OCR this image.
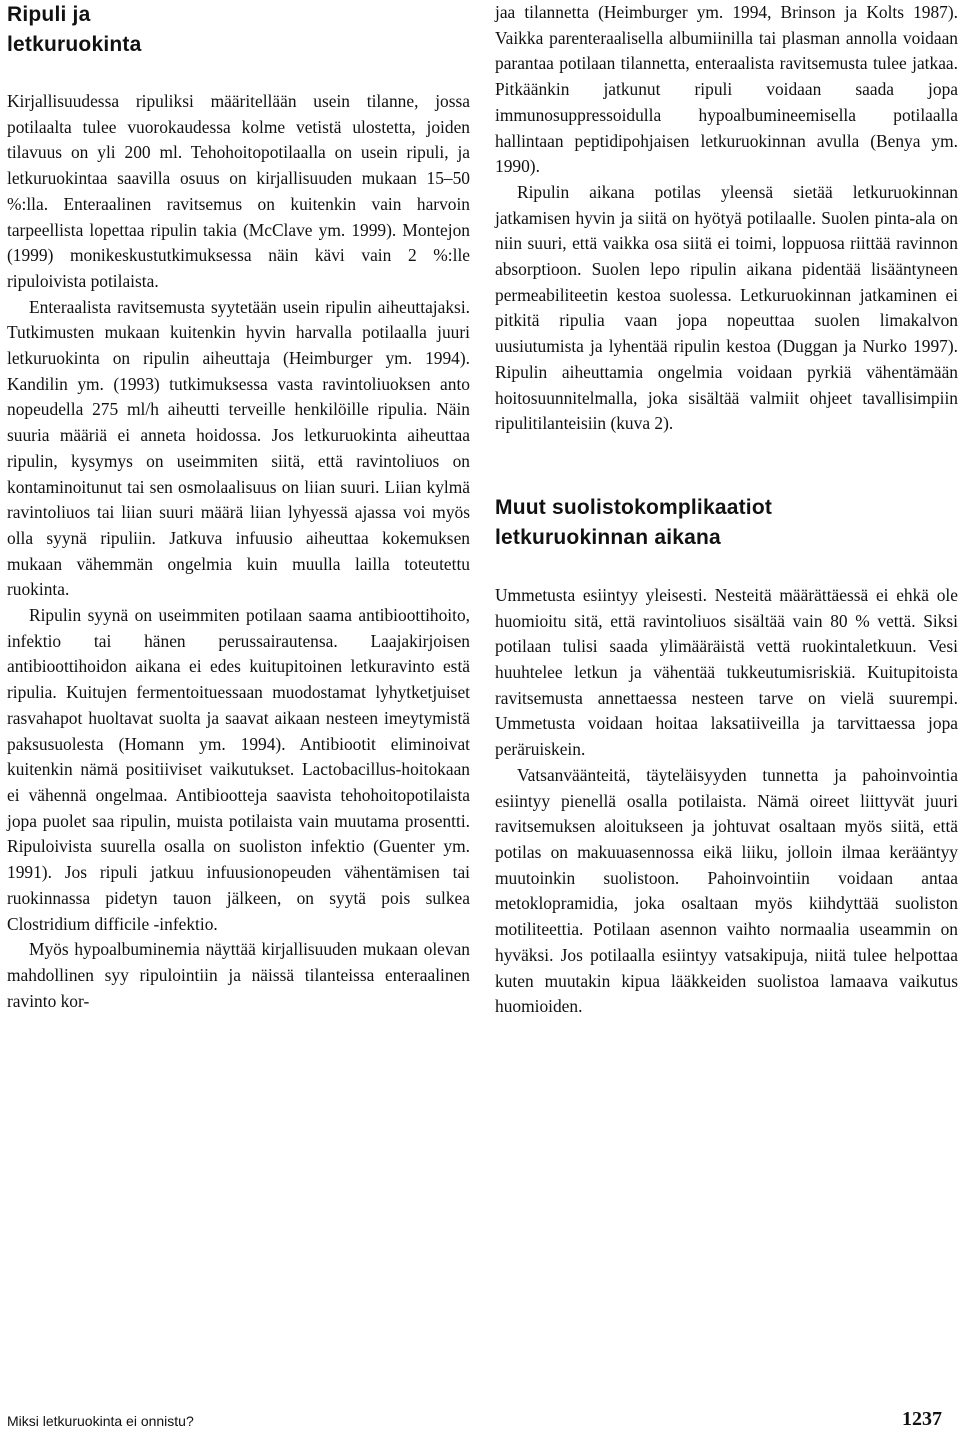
Ripuli ja
letkuruokinta

Kirjallisuudessa ripuliksi määritellään usein tilanne, jossa potilaalta tulee vuorokaudessa kolme vetistä ulostetta, joiden tilavuus on yli 200 ml. Tehohoitopotilaalla on usein ripuli, ja letkuruokintaa saavilla osuus on kirjallisuuden mukaan 15–50 %:lla. Enteraalinen ravitsemus on kuitenkin vain harvoin tarpeellista lopettaa ripulin takia (McClave ym. 1999). Montejon (1999) monikeskustutkimuksessa näin kävi vain 2 %:lle ripuloivista potilaista.

Enteraalista ravitsemusta syytetään usein ripulin aiheuttajaksi. Tutkimusten mukaan kuitenkin hyvin harvalla potilaalla juuri letkuruokinta on ripulin aiheuttaja (Heimburger ym. 1994). Kandilin ym. (1993) tutkimuksessa vasta ravintoliuoksen anto nopeudella 275 ml/h aiheutti terveille henkilöille ripulia. Näin suuria määriä ei anneta hoidossa. Jos letkuruokinta aiheuttaa ripulin, kysymys on useimmiten siitä, että ravintoliuos on kontaminoitunut tai sen osmolaalisuus on liian suuri. Liian kylmä ravintoliuos tai liian suuri määrä liian lyhyessä ajassa voi myös olla syynä ripuliin. Jatkuva infuusio aiheuttaa kokemuksen mukaan vähemmän ongelmia kuin muulla lailla toteutettu ruokinta.

Ripulin syynä on useimmiten potilaan saama antibioottihoito, infektio tai hänen perussairautensa. Laajakirjoisen antibioottihoidon aikana ei edes kuitupitoinen letkuravinto estä ripulia. Kuitujen fermentoituessaan muodostamat lyhytketjuiset rasvahapot huoltavat suolta ja saavat aikaan nesteen imeytymistä paksusuolesta (Homann ym. 1994). Antibiootit eliminoivat kuitenkin nämä positiiviset vaikutukset. Lactobacillus-hoitokaan ei vähennä ongelmaa. Antibiootteja saavista tehohoitopotilaista jopa puolet saa ripulin, muista potilaista vain muutama prosentti. Ripuloivista suurella osalla on suoliston infektio (Guenter ym. 1991). Jos ripuli jatkuu infuusionopeuden vähentämisen tai ruokinnassa pidetyn tauon jälkeen, on syytä pois sulkea Clostridium difficile -infektio.

Myös hypoalbuminemia näyttää kirjallisuuden mukaan olevan mahdollinen syy ripulointiin ja näissä tilanteissa enteraalinen ravinto kor-

jaa tilannetta (Heimburger ym. 1994, Brinson ja Kolts 1987). Vaikka parenteraalisella albumiinilla tai plasman annolla voidaan parantaa potilaan tilannetta, enteraalista ravitsemusta tulee jatkaa. Pitkäänkin jatkunut ripuli voidaan saada jopa immunosuppressoidulla hypoalbumineemisella potilaalla hallintaan peptidipohjaisen letkuruokinnan avulla (Benya ym. 1990).

Ripulin aikana potilas yleensä sietää letkuruokinnan jatkamisen hyvin ja siitä on hyötyä potilaalle. Suolen pinta-ala on niin suuri, että vaikka osa siitä ei toimi, loppuosa riittää ravinnon absorptioon. Suolen lepo ripulin aikana pidentää lisääntyneen permeabiliteetin kestoa suolessa. Letkuruokinnan jatkaminen ei pitkitä ripulia vaan jopa nopeuttaa suolen limakalvon uusiutumista ja lyhentää ripulin kestoa (Duggan ja Nurko 1997). Ripulin aiheuttamia ongelmia voidaan pyrkiä vähentämään hoitosuunnitelmalla, joka sisältää valmiit ohjeet tavallisimpiin ripulitilanteisiin (kuva 2).

Muut suolistokomplikaatiot
letkuruokinnan aikana

Ummetusta esiintyy yleisesti. Nesteitä määrättäessä ei ehkä ole huomioitu sitä, että ravintoliuos sisältää vain 80 % vettä. Siksi potilaan tulisi saada ylimääräistä vettä ruokintaletkuun. Vesi huuhtelee letkun ja vähentää tukkeutumisriskiä. Kuitupitoista ravitsemusta annettaessa nesteen tarve on vielä suurempi. Ummetusta voidaan hoitaa laksatiiveilla ja tarvittaessa jopa peräruiskein.

Vatsanväänteitä, täyteläisyyden tunnetta ja pahoinvointia esiintyy pienellä osalla potilaista. Nämä oireet liittyvät juuri ravitsemuksen aloitukseen ja johtuvat osaltaan myös siitä, että potilas on makuuasennossa eikä liiku, jolloin ilmaa kerääntyy muutoinkin suolistoon. Pahoinvointiin voidaan antaa metoklopramidia, joka osaltaan myös kiihdyttää suoliston motiliteettia. Potilaan asennon vaihto normaalia useammin on hyväksi. Jos potilaalla esiintyy vatsakipuja, niitä tulee helpottaa kuten muutakin kipua lääkkeiden suolistoa lamaava vaikutus huomioiden.

Miksi letkuruokinta ei onnistu?	1237
